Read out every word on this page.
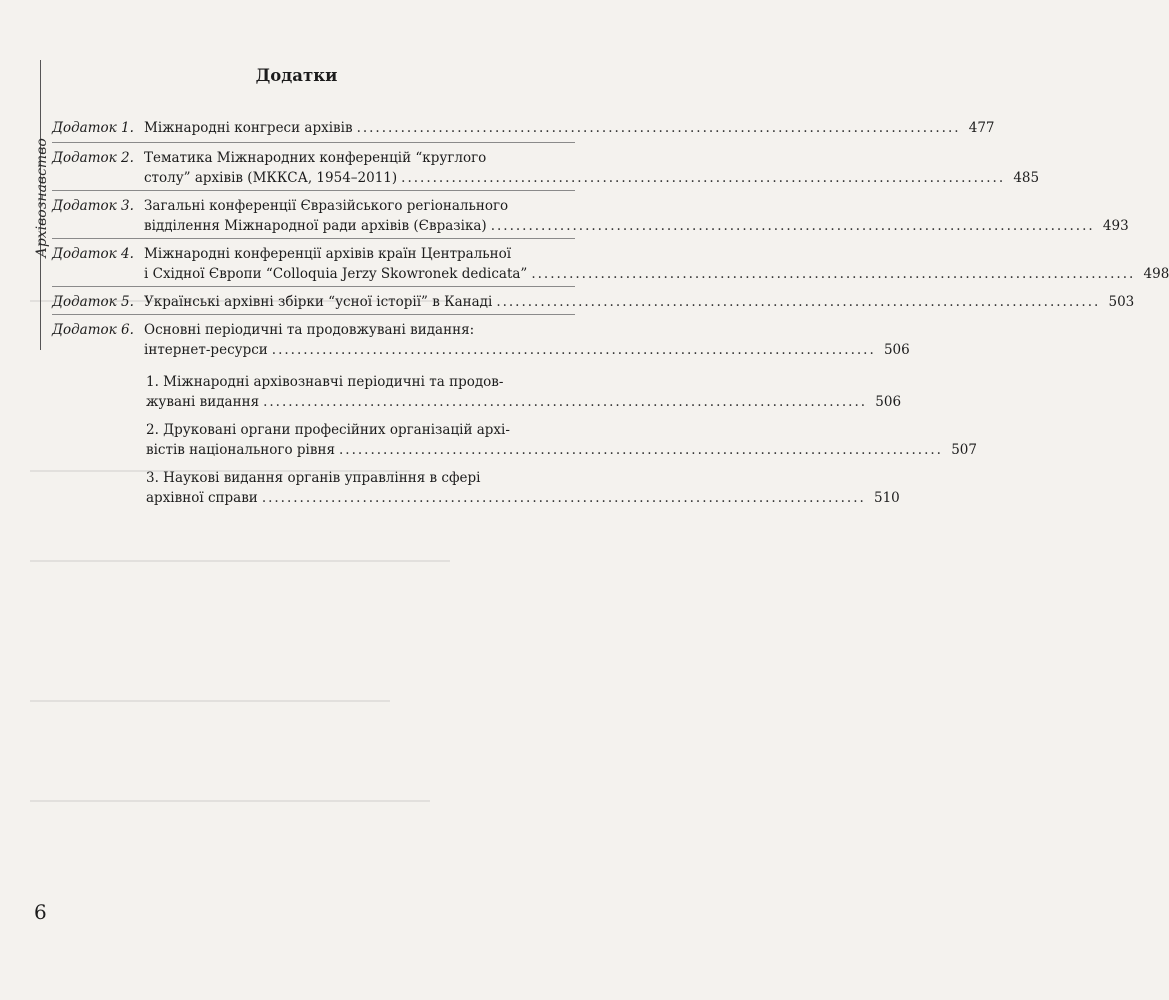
Архівознавство
Додатки
Додаток 1. Міжнародні конгреси архівів ................................................................................................ 477
Додаток 2. Тематика Міжнародних конференцій “круглого
столу” архівів (МККСА, 1954–2011) ................................................................................................ 485
Додаток 3. Загальні конференції Євразійського регіонального
відділення Міжнародної ради архівів (Євразіка) ................................................................................................ 493
Додаток 4. Міжнародні конференції архівів країн Центральної
і Східної Європи “Colloquia Jerzy Skowronek dedicata” ................................................................................................ 498
Додаток 5. Українські архівні збірки “усної історії” в Канаді ................................................................................................ 503
Додаток 6. Основні періодичні та продовжувані видання:
інтернет-ресурси ................................................................................................ 506
1. Міжнародні архівознавчі періодичні та продов-
жувані видання ................................................................................................ 506
2. Друковані органи професійних організацій архі-
вістів національного рівня ................................................................................................ 507
3. Наукові видання органів управління в сфері
архівної справи ................................................................................................ 510
6
